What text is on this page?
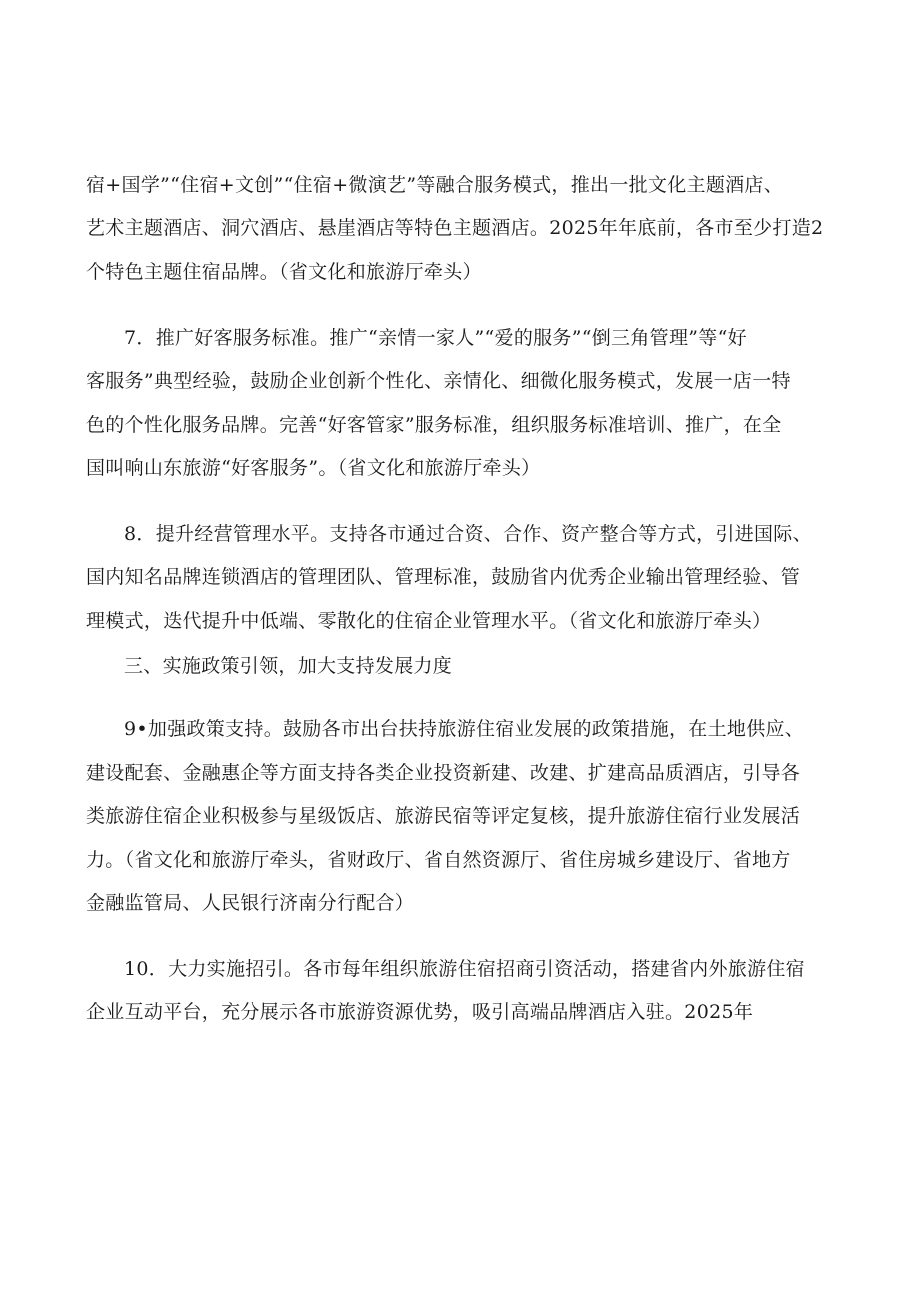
宿+国学”“住宿+文创”“住宿+微演艺”等融合服务模式，推出一批文化主题酒店、
艺术主题酒店、洞穴酒店、悬崖酒店等特色主题酒店。2025年年底前，各市至少打造2
个特色主题住宿品牌。（省文化和旅游厅牵头）
7．推广好客服务标准。推广“亲情一家人”“爱的服务”“倒三角管理”等“好
客服务”典型经验，鼓励企业创新个性化、亲情化、细微化服务模式，发展一店一特
色的个性化服务品牌。完善“好客管家”服务标准，组织服务标准培训、推广，在全
国叫响山东旅游“好客服务”。（省文化和旅游厅牵头）
8．提升经营管理水平。支持各市通过合资、合作、资产整合等方式，引进国际、
国内知名品牌连锁酒店的管理团队、管理标准，鼓励省内优秀企业输出管理经验、管
理模式，迭代提升中低端、零散化的住宿企业管理水平。（省文化和旅游厅牵头）
三、实施政策引领，加大支持发展力度
9•加强政策支持。鼓励各市出台扶持旅游住宿业发展的政策措施，在土地供应、
建设配套、金融惠企等方面支持各类企业投资新建、改建、扩建高品质酒店，引导各
类旅游住宿企业积极参与星级饭店、旅游民宿等评定复核，提升旅游住宿行业发展活
力。（省文化和旅游厅牵头，省财政厅、省自然资源厅、省住房城乡建设厅、省地方
金融监管局、人民银行济南分行配合）
10．大力实施招引。各市每年组织旅游住宿招商引资活动，搭建省内外旅游住宿
企业互动平台，充分展示各市旅游资源优势，吸引高端品牌酒店入驻。2025年
